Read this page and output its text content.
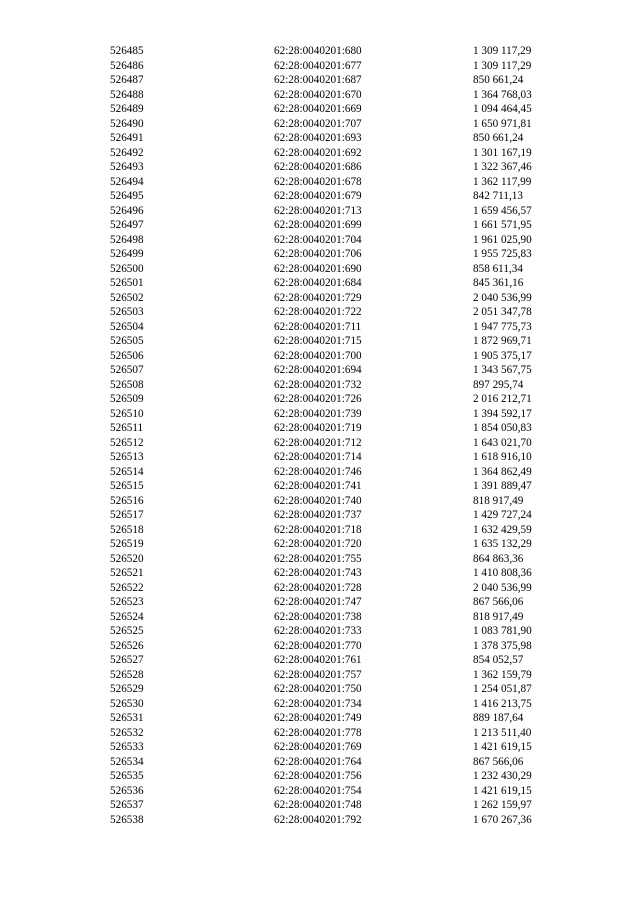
526485	62:28:0040201:680	1 309 117,29
526486	62:28:0040201:677	1 309 117,29
526487	62:28:0040201:687	850 661,24
526488	62:28:0040201:670	1 364 768,03
526489	62:28:0040201:669	1 094 464,45
526490	62:28:0040201:707	1 650 971,81
526491	62:28:0040201:693	850 661,24
526492	62:28:0040201:692	1 301 167,19
526493	62:28:0040201:686	1 322 367,46
526494	62:28:0040201:678	1 362 117,99
526495	62:28:0040201:679	842 711,13
526496	62:28:0040201:713	1 659 456,57
526497	62:28:0040201:699	1 661 571,95
526498	62:28:0040201:704	1 961 025,90
526499	62:28:0040201:706	1 955 725,83
526500	62:28:0040201:690	858 611,34
526501	62:28:0040201:684	845 361,16
526502	62:28:0040201:729	2 040 536,99
526503	62:28:0040201:722	2 051 347,78
526504	62:28:0040201:711	1 947 775,73
526505	62:28:0040201:715	1 872 969,71
526506	62:28:0040201:700	1 905 375,17
526507	62:28:0040201:694	1 343 567,75
526508	62:28:0040201:732	897 295,74
526509	62:28:0040201:726	2 016 212,71
526510	62:28:0040201:739	1 394 592,17
526511	62:28:0040201:719	1 854 050,83
526512	62:28:0040201:712	1 643 021,70
526513	62:28:0040201:714	1 618 916,10
526514	62:28:0040201:746	1 364 862,49
526515	62:28:0040201:741	1 391 889,47
526516	62:28:0040201:740	818 917,49
526517	62:28:0040201:737	1 429 727,24
526518	62:28:0040201:718	1 632 429,59
526519	62:28:0040201:720	1 635 132,29
526520	62:28:0040201:755	864 863,36
526521	62:28:0040201:743	1 410 808,36
526522	62:28:0040201:728	2 040 536,99
526523	62:28:0040201:747	867 566,06
526524	62:28:0040201:738	818 917,49
526525	62:28:0040201:733	1 083 781,90
526526	62:28:0040201:770	1 378 375,98
526527	62:28:0040201:761	854 052,57
526528	62:28:0040201:757	1 362 159,79
526529	62:28:0040201:750	1 254 051,87
526530	62:28:0040201:734	1 416 213,75
526531	62:28:0040201:749	889 187,64
526532	62:28:0040201:778	1 213 511,40
526533	62:28:0040201:769	1 421 619,15
526534	62:28:0040201:764	867 566,06
526535	62:28:0040201:756	1 232 430,29
526536	62:28:0040201:754	1 421 619,15
526537	62:28:0040201:748	1 262 159,97
526538	62:28:0040201:792	1 670 267,36
